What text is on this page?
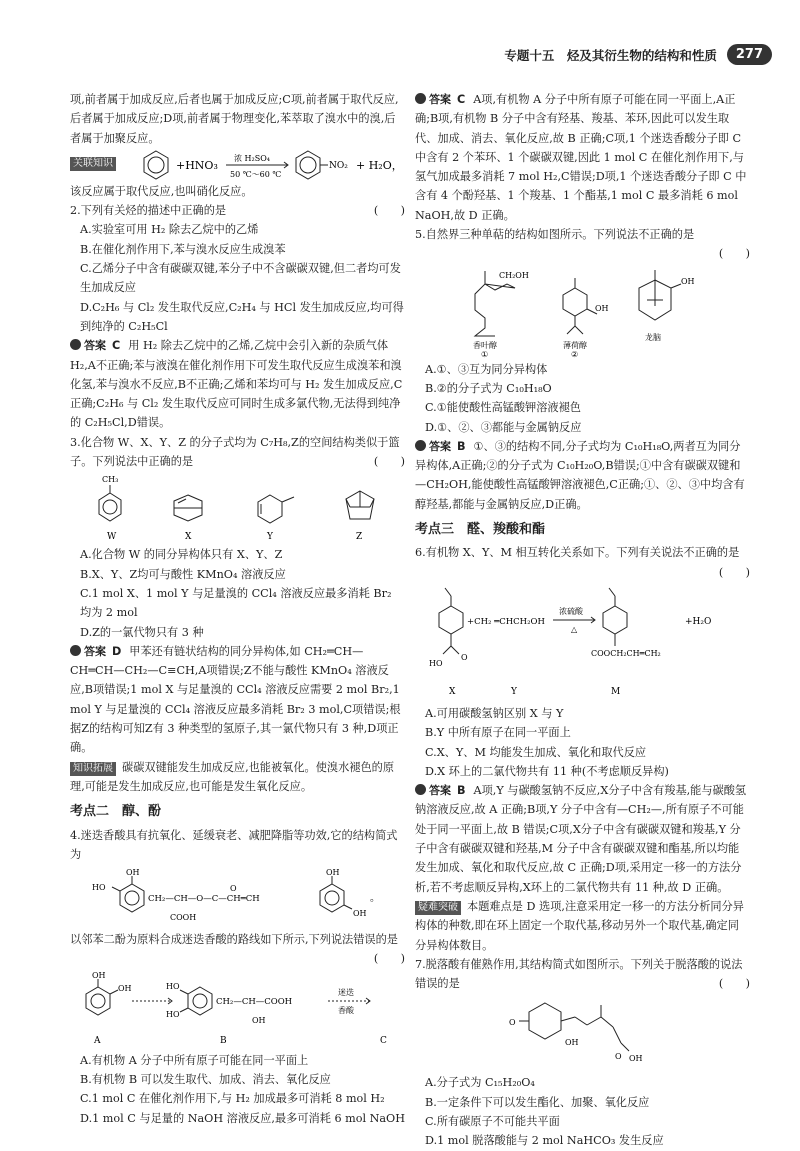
专题十五　烃及其衍生物的结构和性质	277

项,前者属于加成反应,后者也属于加成反应;C项,前者属于取代反应,后者属于加成反应;D项,前者属于物理变化,苯萃取了溴水中的溴,后者属于加聚反应。

关联知识	+HNO₃
浓 H₂SO₄
50 ℃～60 ℃
NO₂ + H₂O，

该反应属于取代反应,也叫硝化反应。

2.下列有关烃的描述中正确的是	(　　)

A.实验室可用 H₂ 除去乙烷中的乙烯

B.在催化剂作用下,苯与溴水反应生成溴苯

C.乙烯分子中含有碳碳双键,苯分子中不含碳碳双键,但二者均可发生加成反应

D.C₂H₆ 与 Cl₂ 发生取代反应,C₂H₄ 与 HCl 发生加成反应,均可得到纯净的 C₂H₅Cl

答案 C 用 H₂ 除去乙烷中的乙烯,乙烷中会引入新的杂质气体 H₂,A不正确;苯与液溴在催化剂作用下可发生取代反应生成溴苯和溴化氢,苯与溴水不反应,B不正确;乙烯和苯均可与 H₂ 发生加成反应,C正确;C₂H₆ 与 Cl₂ 发生取代反应可同时生成多氯代物,无法得到纯净的 C₂H₅Cl,D错误。

3.化合物 W、X、Y、Z 的分子式均为 C₇H₈,Z的空间结构类似于篮子。下列说法中正确的是	(　　)

CH₃
W	X	Y	Z

A.化合物 W 的同分异构体只有 X、Y、Z

B.X、Y、Z均可与酸性 KMnO₄ 溶液反应

C.1 mol X、1 mol Y 与足量溴的 CCl₄ 溶液反应最多消耗 Br₂ 均为 2 mol

D.Z的一氯代物只有 3 种

答案 D 甲苯还有链状结构的同分异构体,如 CH₂═CH—CH═CH—CH₂—C≡CH,A项错误;Z不能与酸性 KMnO₄ 溶液反应,B项错误;1 mol X 与足量溴的 CCl₄ 溶液反应需要 2 mol Br₂,1 mol Y 与足量溴的 CCl₄ 溶液反应最多消耗 Br₂ 3 mol,C项错误;根据Z的结构可知Z有 3 种类型的氢原子,其一氯代物只有 3 种,D项正确。

知识拓展 碳碳双键能发生加成反应,也能被氧化。使溴水褪色的原理,可能是发生加成反应,也可能是发生氧化反应。

考点二　醇、酚

4.迷迭香酸具有抗氧化、延缓衰老、减肥降脂等功效,它的结构简式为

OH
HO
CH₂—CH—O—C—CH═CH
O
COOH
OH
OH
。

以邻苯二酚为原料合成迷迭香酸的路线如下所示,下列说法错误的是

(　　)

OH
OH	HO
HO
CH₂—CH—COOH
OH
迷迭
香酸
A	B	C

A.有机物 A 分子中所有原子可能在同一平面上

B.有机物 B 可以发生取代、加成、消去、氧化反应

C.1 mol C 在催化剂作用下,与 H₂ 加成最多可消耗 8 mol H₂

D.1 mol C 与足量的 NaOH 溶液反应,最多可消耗 6 mol NaOH

答案 C A项,有机物 A 分子中所有原子可能在同一平面上,A正确;B项,有机物 B 分子中含有羟基、羧基、苯环,因此可以发生取代、加成、消去、氧化反应,故 B 正确;C项,1 个迷迭香酸分子即 C 中含有 2 个苯环、1 个碳碳双键,因此 1 mol C 在催化剂作用下,与氢气加成最多消耗 7 mol H₂,C错误;D项,1 个迷迭香酸分子即 C 中含有 4 个酚羟基、1 个羧基、1 个酯基,1 mol C 最多消耗 6 mol NaOH,故 D 正确。

5.自然界三种单萜的结构如图所示。下列说法不正确的是

(　　)

CH₂OH
OH
OH
香叶醇	薄荷醇
龙脑
①	②

A.①、③互为同分异构体

B.②的分子式为 C₁₀H₁₈O

C.①能使酸性高锰酸钾溶液褪色

D.①、②、③都能与金属钠反应

答案 B ①、③的结构不同,分子式均为 C₁₀H₁₈O,两者互为同分异构体,A正确;②的分子式为 C₁₀H₂₀O,B错误;①中含有碳碳双键和—CH₂OH,能使酸性高锰酸钾溶液褪色,C正确;①、②、③中均含有醇羟基,都能与金属钠反应,D正确。

考点三　醛、羧酸和酯

6.有机物 X、Y、M 相互转化关系如下。下列有关说法不正确的是

(　　)

+CH₂ ═CHCH₂OH
浓硫酸
△
+H₂O
HO
O	COOCH₂CH═CH₂
X	Y	M

A.可用碳酸氢钠区别 X 与 Y

B.Y 中所有原子在同一平面上

C.X、Y、M 均能发生加成、氧化和取代反应

D.X 环上的二氯代物共有 11 种(不考虑顺反异构)

答案 B A项,Y 与碳酸氢钠不反应,X分子中含有羧基,能与碳酸氢钠溶液反应,故 A 正确;B项,Y 分子中含有—CH₂—,所有原子不可能处于同一平面上,故 B 错误;C项,X分子中含有碳碳双键和羧基,Y 分子中含有碳碳双键和羟基,M 分子中含有碳碳双键和酯基,所以均能发生加成、氧化和取代反应,故 C 正确;D项,采用定一移一的方法分析,若不考虑顺反异构,X环上的二氯代物共有 11 种,故 D 正确。

疑难突破 本题难点是 D 选项,注意采用定一移一的方法分析同分异构体的种数,即在环上固定一个取代基,移动另外一个取代基,确定同分异构体数目。

7.脱落酸有催熟作用,其结构简式如图所示。下列关于脱落酸的说法错误的是	(　　)

O
OH
O OH

A.分子式为 C₁₅H₂₀O₄

B.一定条件下可以发生酯化、加聚、氧化反应

C.所有碳原子不可能共平面

D.1 mol 脱落酸能与 2 mol NaHCO₃ 发生反应
